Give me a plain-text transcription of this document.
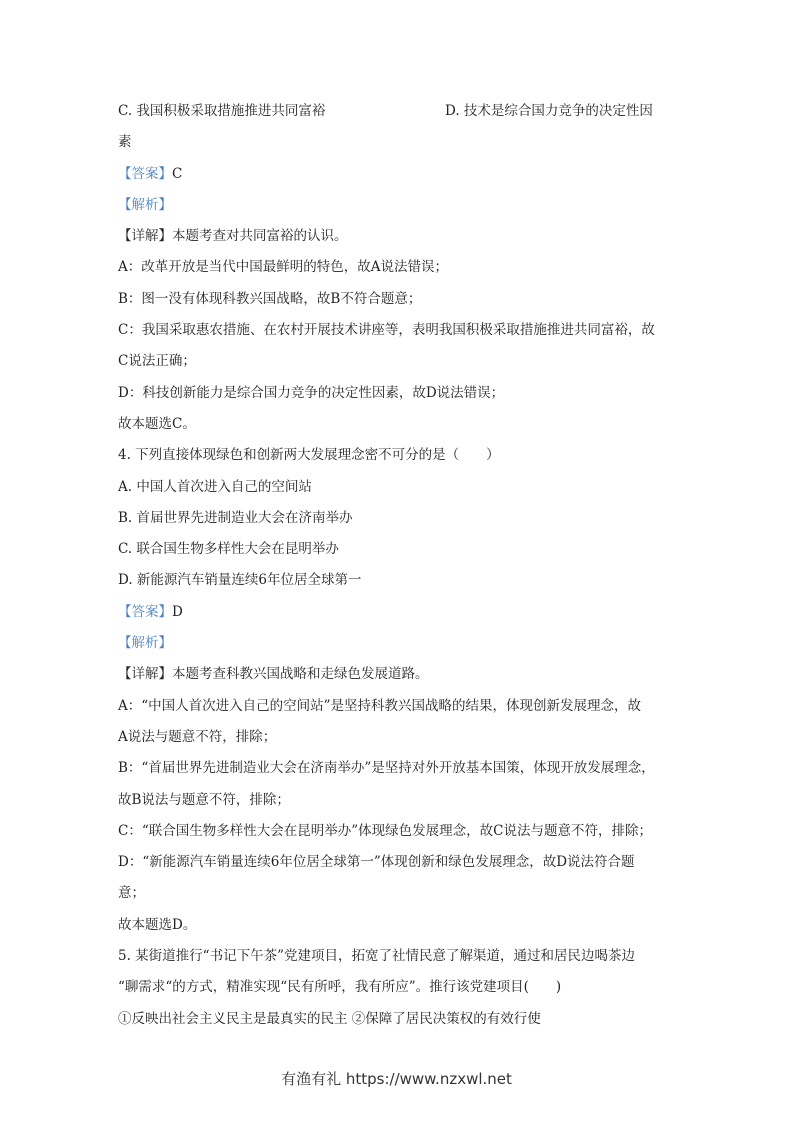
C. 我国积极采取措施推进共同富裕	D. 技术是综合国力竞争的决定性因
素
【答案】C
【解析】
【详解】本题考查对共同富裕的认识。
A：改革开放是当代中国最鲜明的特色，故A说法错误；
B：图一没有体现科教兴国战略，故B不符合题意；
C：我国采取惠农措施、在农村开展技术讲座等，表明我国积极采取措施推进共同富裕，故
C说法正确；
D：科技创新能力是综合国力竞争的决定性因素，故D说法错误；
故本题选C。
4. 下列直接体现绿色和创新两大发展理念密不可分的是（　　）
A. 中国人首次进入自己的空间站
B. 首届世界先进制造业大会在济南举办
C. 联合国生物多样性大会在昆明举办
D. 新能源汽车销量连续6年位居全球第一
【答案】D
【解析】
【详解】本题考查科教兴国战略和走绿色发展道路。
A：“中国人首次进入自己的空间站”是坚持科教兴国战略的结果，体现创新发展理念，故
A说法与题意不符，排除；
B：“首届世界先进制造业大会在济南举办”是坚持对外开放基本国策，体现开放发展理念，
故B说法与题意不符，排除；
C：“联合国生物多样性大会在昆明举办”体现绿色发展理念，故C说法与题意不符，排除；
D：“新能源汽车销量连续6年位居全球第一”体现创新和绿色发展理念，故D说法符合题
意；
故本题选D。
5. 某街道推行“书记下午茶”党建项目，拓宽了社情民意了解渠道，通过和居民边喝茶边
“聊需求“的方式，精准实现“民有所呼，我有所应”。推行该党建项目(　　)
①反映出社会主义民主是最真实的民主 ②保障了居民决策权的有效行使
有渔有礼 https://www.nzxwl.net
